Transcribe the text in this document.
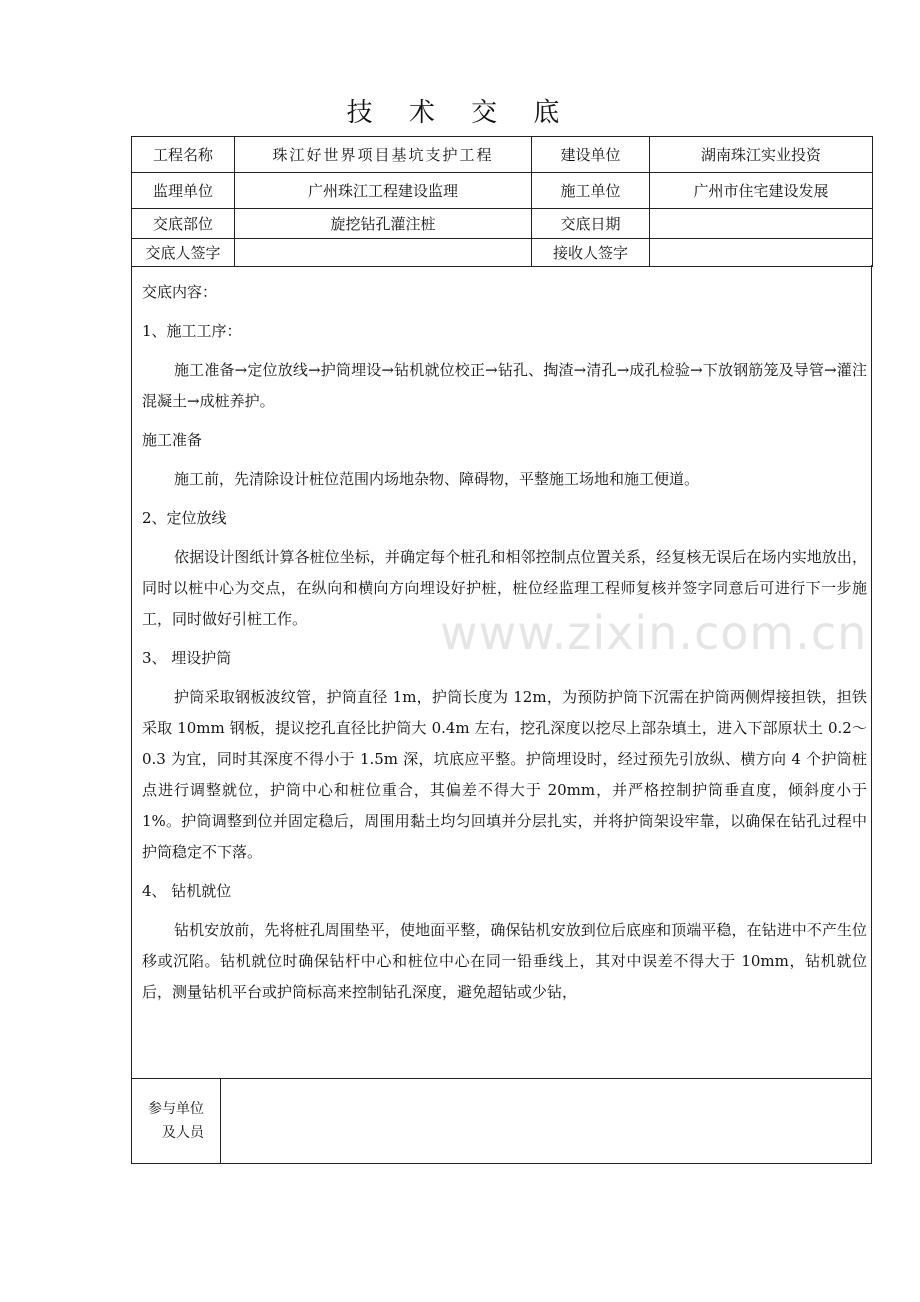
技 术 交 底
工程名称	珠江好世界项目基坑支护工程	建设单位	湖南珠江实业投资
监理单位	广州珠江工程建设监理	施工单位	广州市住宅建设发展
交底部位	旋挖钻孔灌注桩	交底日期	
交底人签字		接收人签字	

交底内容：

1、施工工序：

施工准备→定位放线→护筒埋设→钻机就位校正→钻孔、掏渣→清孔→成孔检验→下放钢筋笼及导管→灌注混凝土→成桩养护。

施工准备

施工前，先清除设计桩位范围内场地杂物、障碍物，平整施工场地和施工便道。

2、定位放线

依据设计图纸计算各桩位坐标，并确定每个桩孔和相邻控制点位置关系，经复核无误后在场内实地放出，同时以桩中心为交点，在纵向和横向方向埋设好护桩，桩位经监理工程师复核并签字同意后可进行下一步施工，同时做好引桩工作。

3、 埋设护筒

护筒采取钢板波纹管，护筒直径 1m，护筒长度为 12m，为预防护筒下沉需在护筒两侧焊接担铁，担铁采取 10mm 钢板，提议挖孔直径比护筒大 0.4m 左右，挖孔深度以挖尽上部杂填土，进入下部原状土 0.2～0.3 为宜，同时其深度不得小于 1.5m 深，坑底应平整。护筒埋设时，经过预先引放纵、横方向 4 个护筒桩点进行调整就位，护筒中心和桩位重合，其偏差不得大于 20mm，并严格控制护筒垂直度，倾斜度小于 1%。护筒调整到位并固定稳后，周围用黏土均匀回填并分层扎实，并将护筒架设牢靠，以确保在钻孔过程中护筒稳定不下落。

4、 钻机就位

钻机安放前，先将桩孔周围垫平，使地面平整，确保钻机安放到位后底座和顶端平稳，在钻进中不产生位移或沉陷。钻机就位时确保钻杆中心和桩位中心在同一铅垂线上，其对中误差不得大于 10mm，钻机就位后，测量钻机平台或护筒标高来控制钻孔深度，避免超钻或少钻，

www.zixin.com.cn
参与单位
及人员
